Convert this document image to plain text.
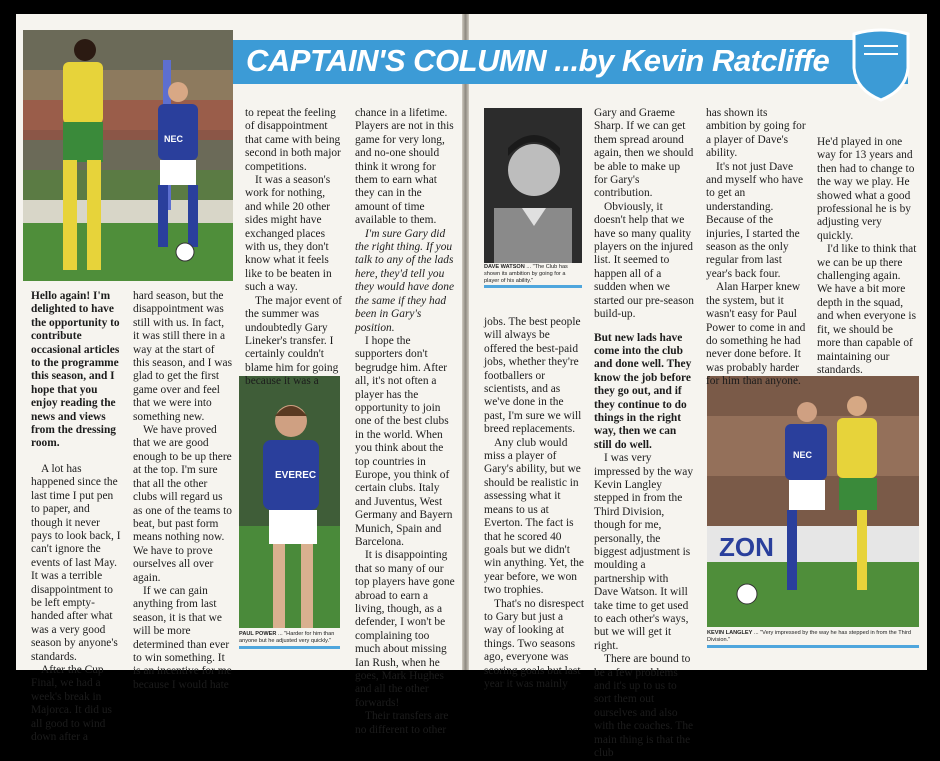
CAPTAIN'S COLUMN ...by Kevin Ratcliffe
NEC
EVEREC
PAUL POWER ... "Harder for him than anyone but he adjusted very quickly."
DAVE WATSON ... "The Club has shown its ambition by going for a player of his ability."
ZON
NEC
KEVIN LANGLEY ... "Very impressed by the way he has stepped in from the Third Division."

Hello again! I'm delighted to have the opportunity to contribute occasional articles to the programme this season, and I hope that you enjoy reading the news and views from the dressing room.

A lot has happened since the last time I put pen to paper, and though it never pays to look back, I can't ignore the events of last May. It was a terrible disappointment to be left empty-handed after what was a very good season by anyone's standards.

After the Cup Final, we had a week's break in Majorca. It did us all good to wind down after a

hard season, but the disappointment was still with us. In fact, it was still there in a way at the start of this season, and I was glad to get the first game over and feel that we were into something new.

We have proved that we are good enough to be up there at the top. I'm sure that all the other clubs will regard us as one of the teams to beat, but past form means nothing now. We have to prove ourselves all over again.

If we can gain anything from last season, it is that we will be more determined than ever to win something. It is an incentive for me because I would hate

to repeat the feeling of disappointment that came with being second in both major competitions.

It was a season's work for nothing, and while 20 other sides might have exchanged places with us, they don't know what it feels like to be beaten in such a way.

The major event of the summer was undoubtedly Gary Lineker's transfer. I certainly couldn't blame him for going because it was a

chance in a lifetime. Players are not in this game for very long, and no-one should think it wrong for them to earn what they can in the amount of time available to them.

I'm sure Gary did the right thing. If you talk to any of the lads here, they'd tell you they would have done the same if they had been in Gary's position.

I hope the supporters don't begrudge him. After all, it's not often a player has the opportunity to join one of the best clubs in the world. When you think about the top countries in Europe, you think of certain clubs. Italy and Juventus, West Germany and Bayern Munich, Spain and Barcelona.

It is disappointing that so many of our top players have gone abroad to earn a living, though, as a defender, I won't be complaining too much about missing Ian Rush, when he goes, Mark Hughes and all the other forwards!

Their transfers are no different to other

jobs. The best people will always be offered the best-paid jobs, whether they're footballers or scientists, and as we've done in the past, I'm sure we will breed replacements.

Any club would miss a player of Gary's ability, but we should be realistic in assessing what it means to us at Everton. The fact is that he scored 40 goals but we didn't win anything. Yet, the year before, we won two trophies.

That's no disrespect to Gary but just a way of looking at things. Two seasons ago, everyone was scoring goals but last year it was mainly

Gary and Graeme Sharp. If we can get them spread around again, then we should be able to make up for Gary's contribution.

Obviously, it doesn't help that we have so many quality players on the injured list. It seemed to happen all of a sudden when we started our pre-season build-up.

But new lads have come into the club and done well. They know the job before they go out, and if they continue to do things in the right way, then we can still do well.

I was very impressed by the way Kevin Langley stepped in from the Third Division, though for me, personally, the biggest adjustment is moulding a partnership with Dave Watson. It will take time to get used to each other's ways, but we will get it right.

There are bound to be a few problems and it's up to us to sort them out ourselves and also with the coaches. The main thing is that the club

has shown its ambition by going for a player of Dave's ability.

It's not just Dave and myself who have to get an understanding. Because of the injuries, I started the season as the only regular from last year's back four.

Alan Harper knew the system, but it wasn't easy for Paul Power to come in and do something he had never done before. It was probably harder for him than anyone.

He'd played in one way for 13 years and then had to change to the way we play. He showed what a good professional he is by adjusting very quickly.

I'd like to think that we can be up there challenging again. We have a bit more depth in the squad, and when everyone is fit, we should be more than capable of maintaining our standards.
